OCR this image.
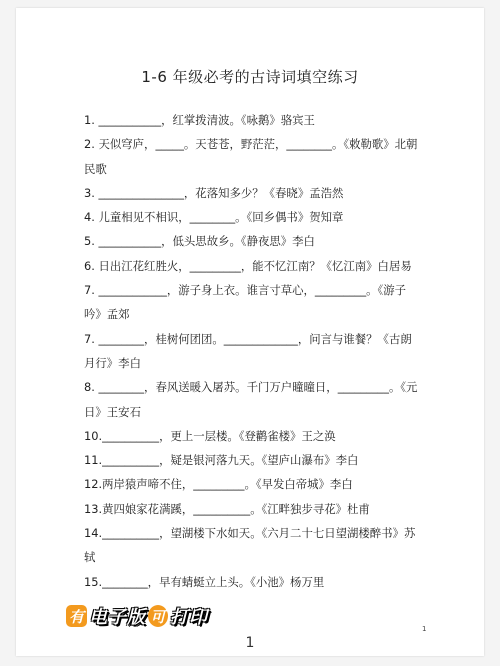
1-6 年级必考的古诗词填空练习
1. ___________，红掌拨清波。《咏鹅》骆宾王
2. 天似穹庐，_____。天苍苍，野茫茫，________。《敕勒歌》北朝
民歌
3. _______________，花落知多少？《春晓》孟浩然
4. 儿童相见不相识，________。《回乡偶书》贺知章
5. ___________，低头思故乡。《静夜思》李白
6. 日出江花红胜火，_________，能不忆江南？《忆江南》白居易
7. ____________，游子身上衣。谁言寸草心，_________。《游子
吟》孟郊
7. ________，桂树何团团。_____________，问言与谁餐？《古朗
月行》李白
8. ________，春风送暖入屠苏。千门万户曈曈日，_________。《元
日》王安石
10.__________，更上一层楼。《登鹳雀楼》王之涣
11.__________，疑是银河落九天。《望庐山瀑布》李白
12.两岸猿声啼不住，_________。《早发白帝城》李白
13.黄四娘家花满蹊，__________。《江畔独步寻花》杜甫
14.__________，望湖楼下水如天。《六月二十七日望湖楼醉书》苏
轼
15.________，早有蜻蜓立上头。《小池》杨万里
1
有 电子版 可 打印
1
